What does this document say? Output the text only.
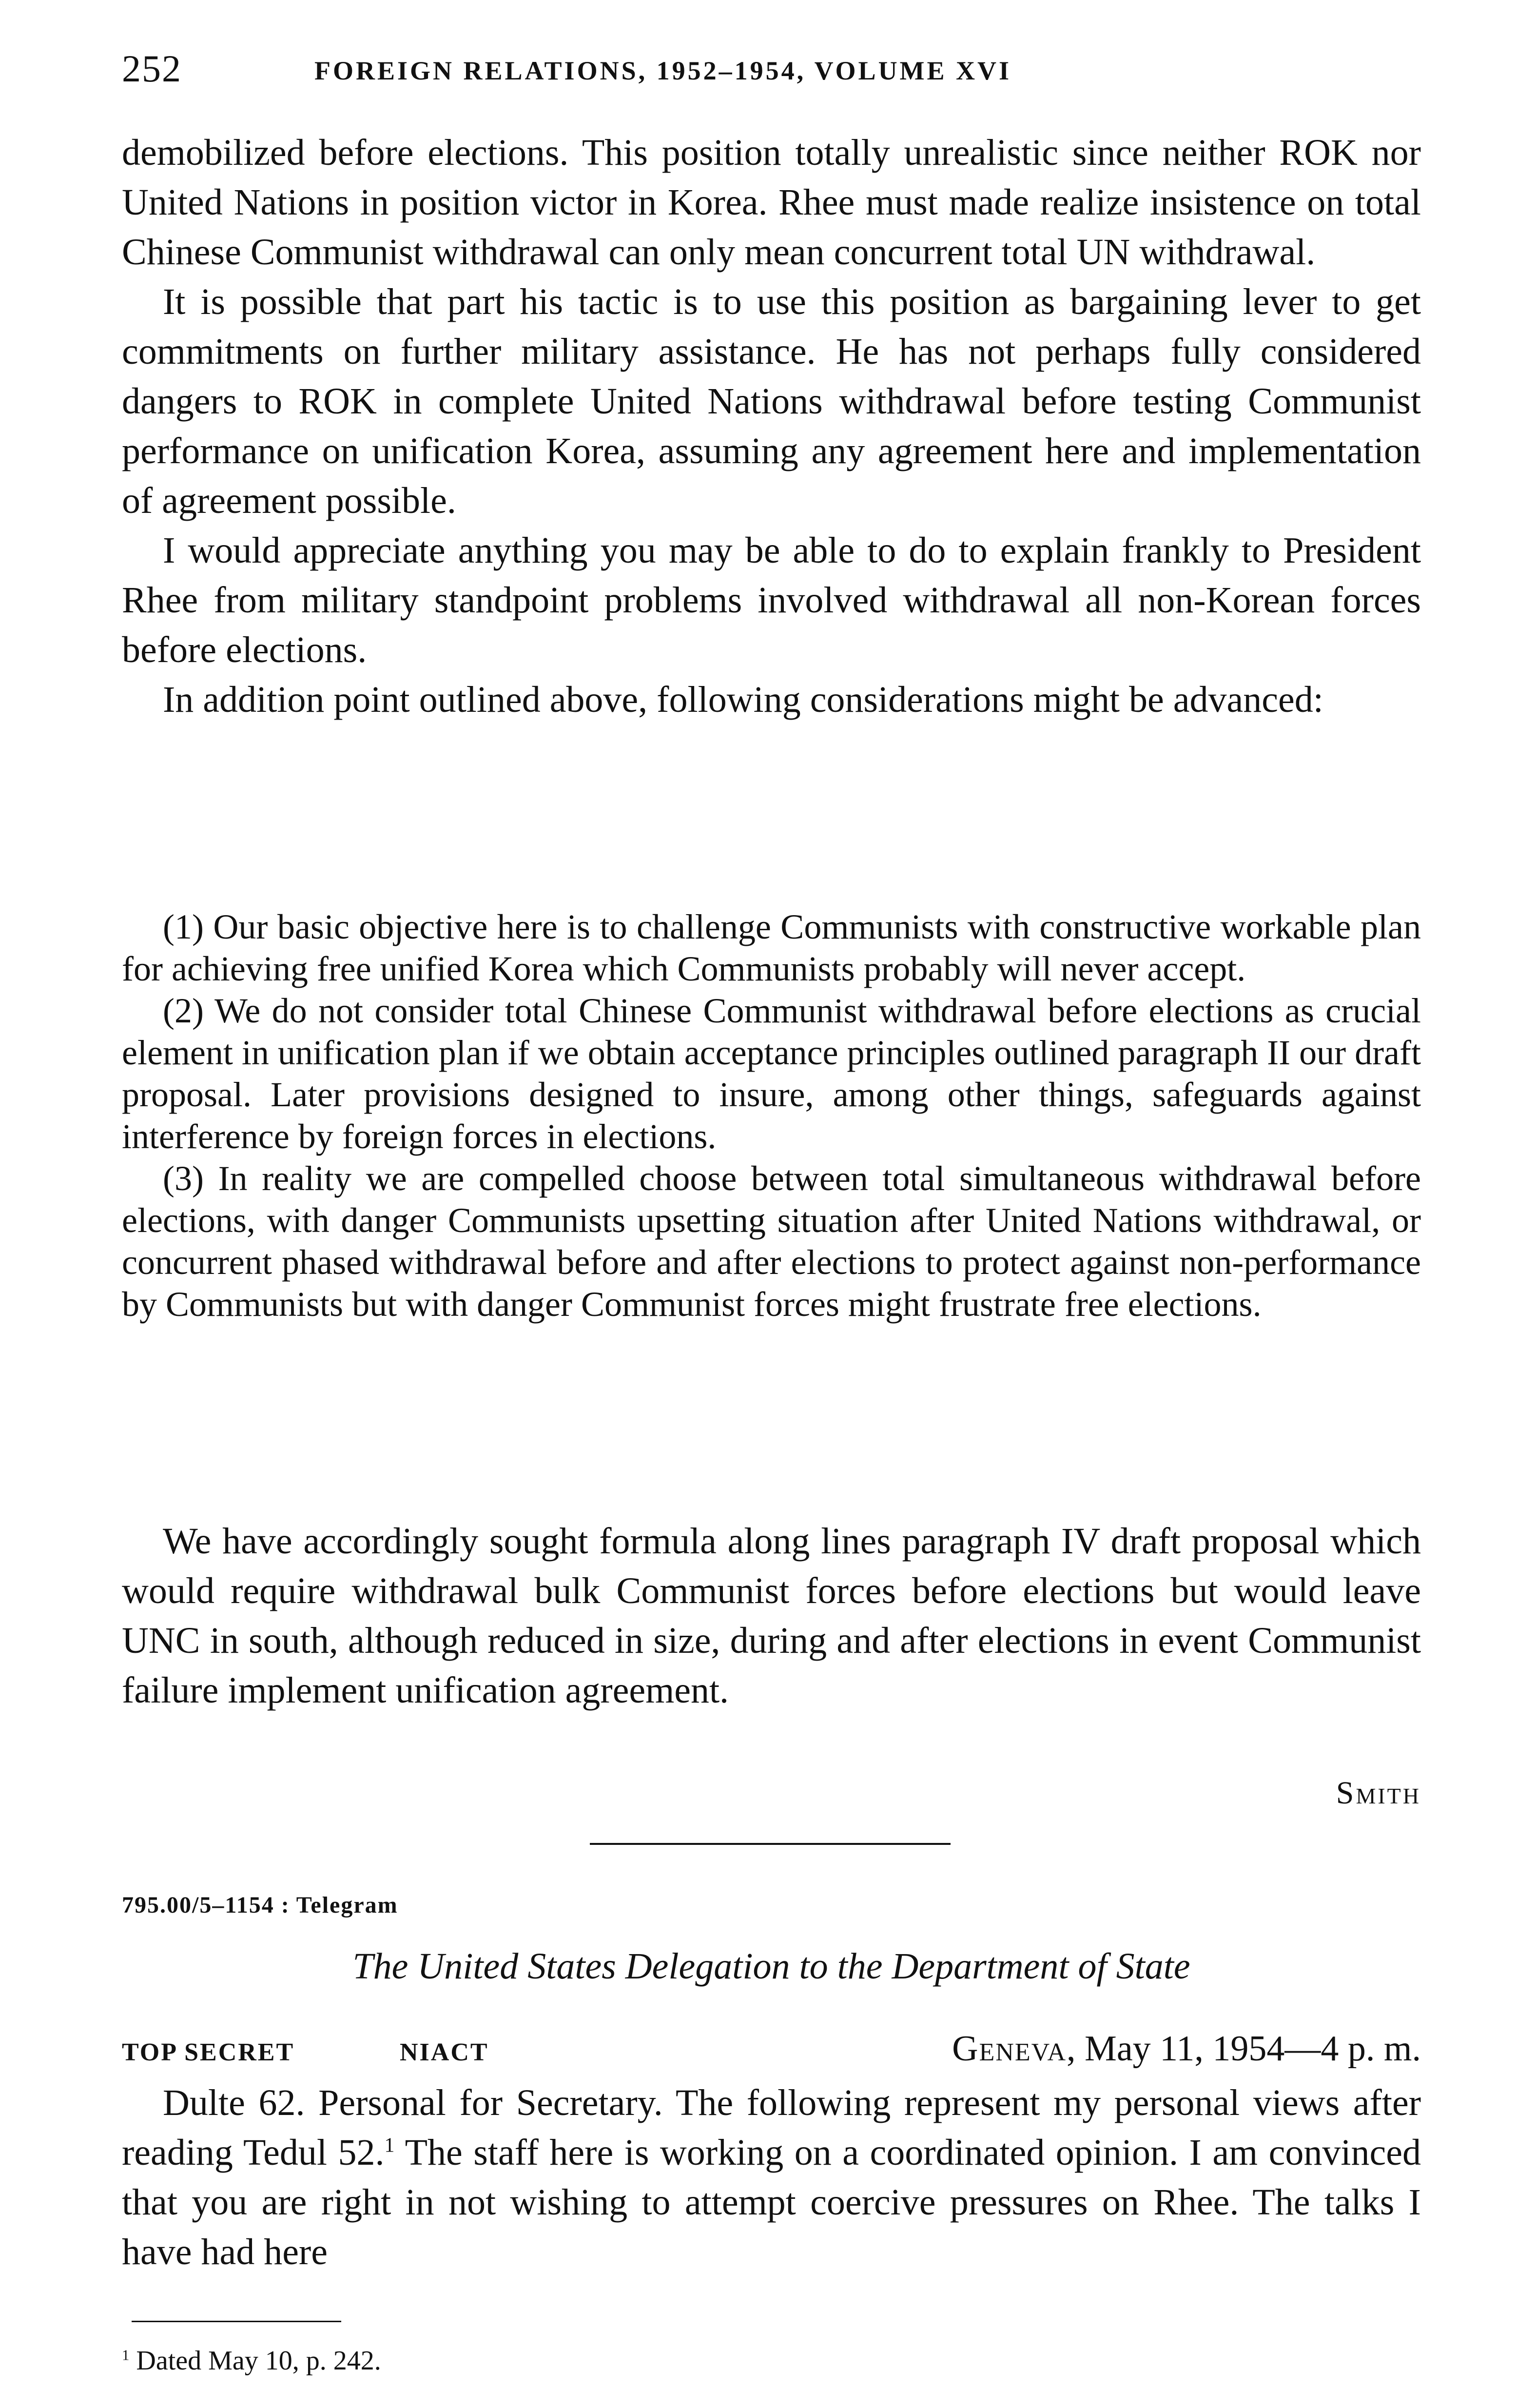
252	FOREIGN RELATIONS, 1952–1954, VOLUME XVI

demobilized before elections. This position totally unrealistic since neither ROK nor United Nations in position victor in Korea. Rhee must made realize insistence on total Chinese Communist withdrawal can only mean concurrent total UN withdrawal.

It is possible that part his tactic is to use this position as bargaining lever to get commitments on further military assistance. He has not perhaps fully considered dangers to ROK in complete United Nations withdrawal before testing Communist performance on unification Korea, assuming any agreement here and implementation of agreement possible.

I would appreciate anything you may be able to do to explain frankly to President Rhee from military standpoint problems involved withdrawal all non-Korean forces before elections.

In addition point outlined above, following considerations might be advanced:

(1) Our basic objective here is to challenge Communists with constructive workable plan for achieving free unified Korea which Communists probably will never accept.

(2) We do not consider total Chinese Communist withdrawal before elections as crucial element in unification plan if we obtain acceptance principles outlined paragraph II our draft proposal. Later provisions designed to insure, among other things, safeguards against interference by foreign forces in elections.

(3) In reality we are compelled choose between total simultaneous withdrawal before elections, with danger Communists upsetting situation after United Nations withdrawal, or concurrent phased withdrawal before and after elections to protect against non-performance by Communists but with danger Communist forces might frustrate free elections.

We have accordingly sought formula along lines paragraph IV draft proposal which would require withdrawal bulk Communist forces before elections but would leave UNC in south, although reduced in size, during and after elections in event Communist failure implement unification agreement.

Smith
795.00/5–1154 : Telegram
The United States Delegation to the Department of State
TOP SECRET	NIACT	Geneva, May 11, 1954—4 p. m.

Dulte 62. Personal for Secretary. The following represent my personal views after reading Tedul 52.$^1$ The staff here is working on a coordinated opinion. I am convinced that you are right in not wishing to attempt coercive pressures on Rhee. The talks I have had here

$^1$ Dated May 10, p. 242.
